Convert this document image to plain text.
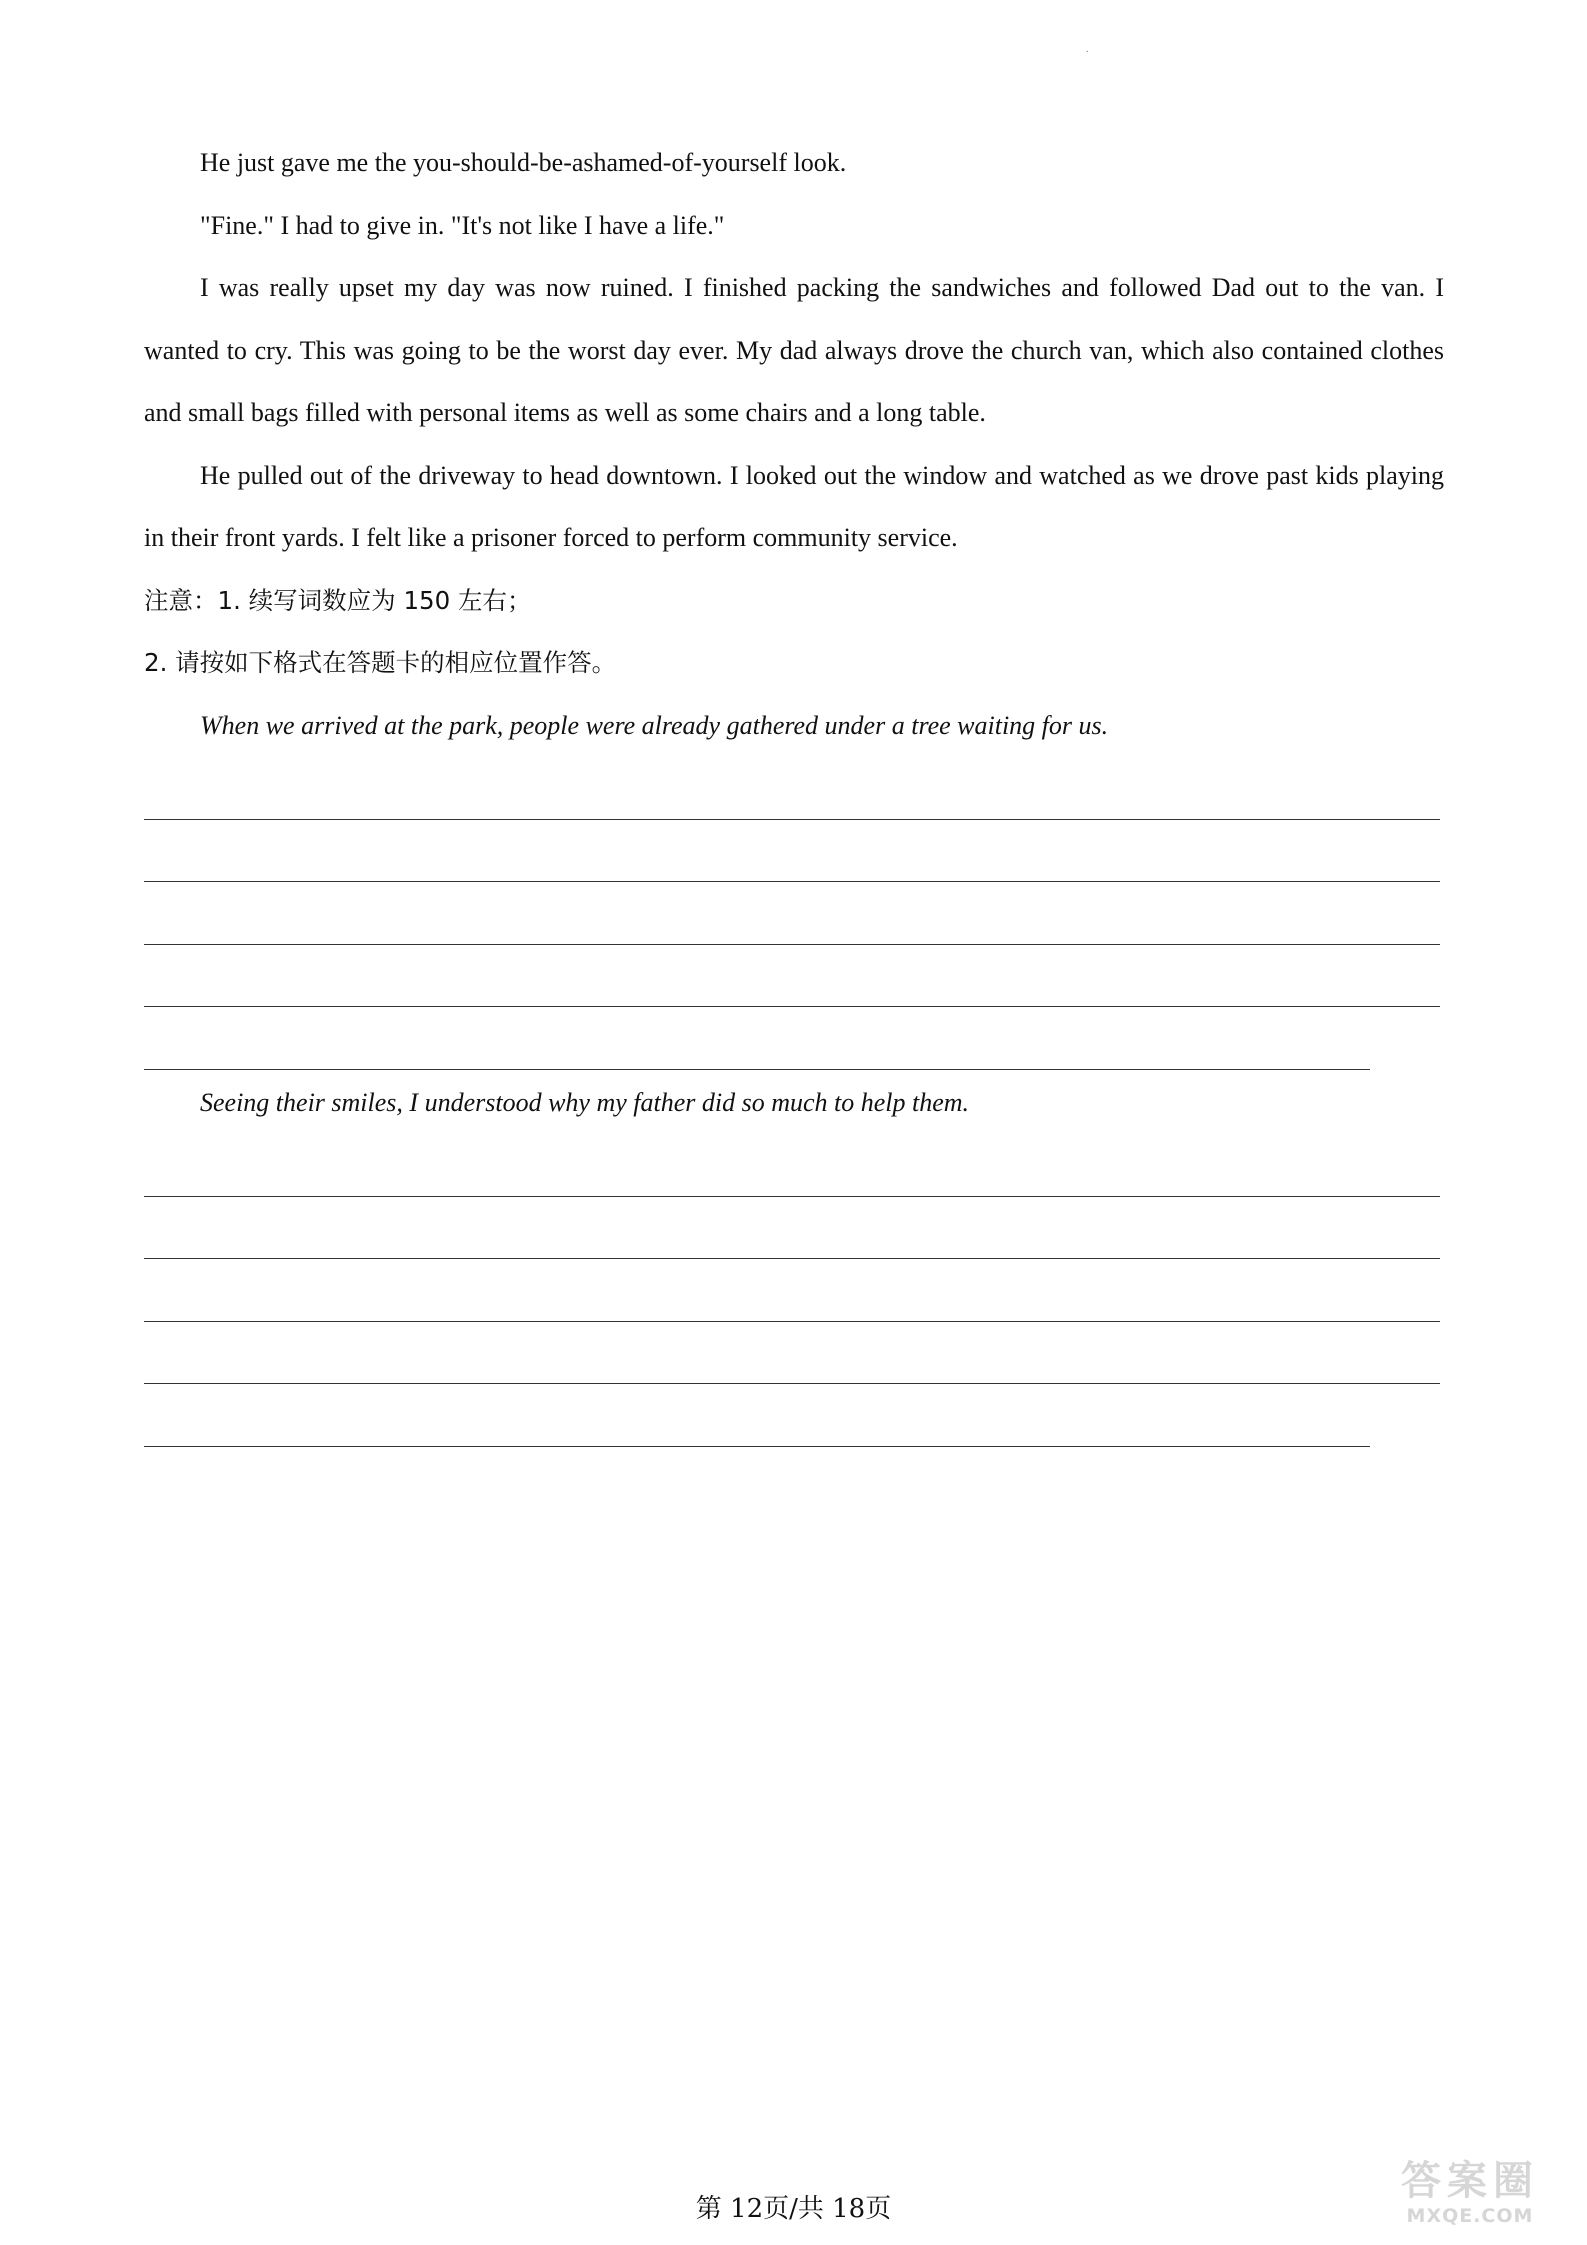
.

He just gave me the you-should-be-ashamed-of-yourself look.

"Fine." I had to give in. "It's not like I have a life."

I was really upset my day was now ruined. I finished packing the sandwiches and followed Dad out to the van. I wanted to cry. This was going to be the worst day ever. My dad always drove the church van, which also contained clothes and small bags filled with personal items as well as some chairs and a long table.

He pulled out of the driveway to head downtown. I looked out the window and watched as we drove past kids playing in their front yards. I felt like a prisoner forced to perform community service.

注意：1. 续写词数应为 150 左右；

2. 请按如下格式在答题卡的相应位置作答。

When we arrived at the park, people were already gathered under a tree waiting for us.

Seeing their smiles, I understood why my father did so much to help them.

第 12页/共 18页
答案圈
MXQE.COM
